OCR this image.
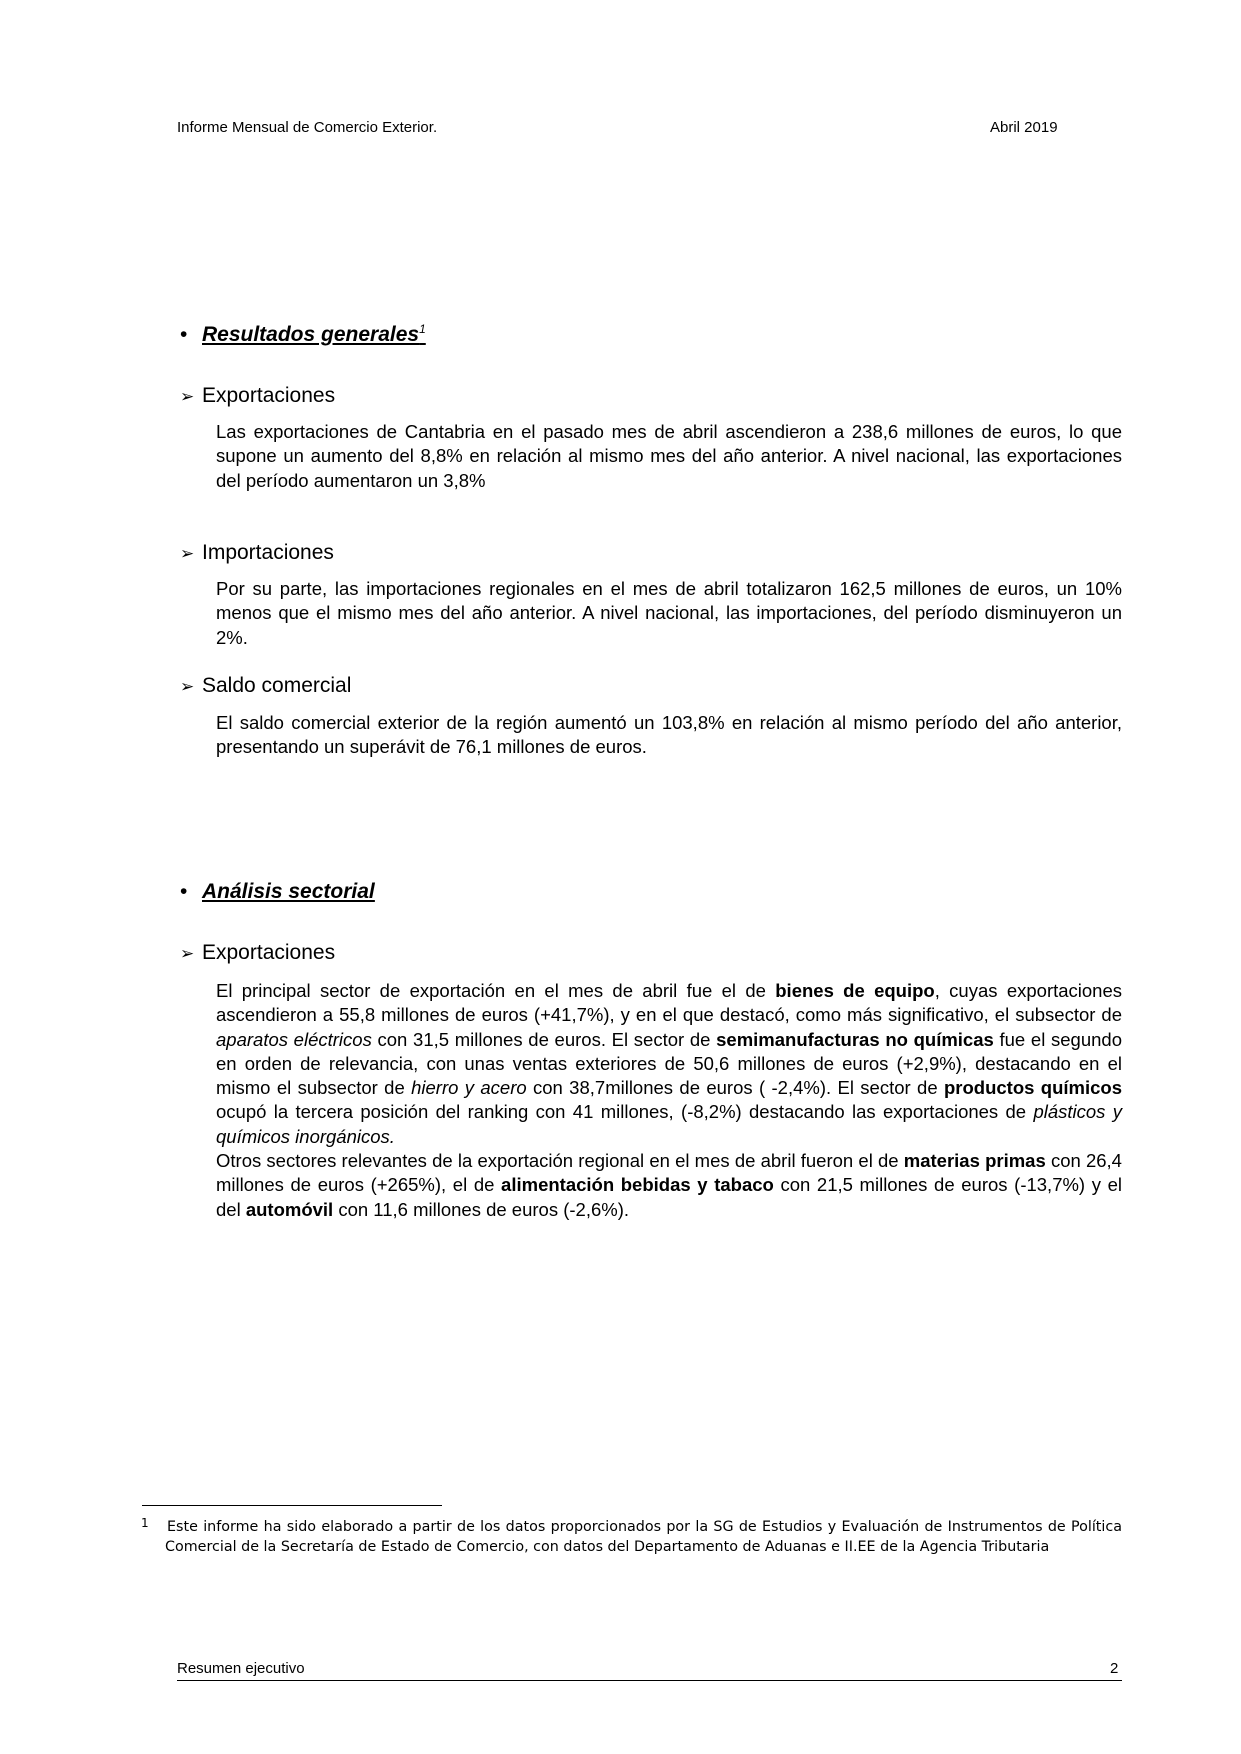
Informe Mensual de Comercio Exterior.	Abril 2019
• Resultados generales$^1$
➢ Exportaciones
Las exportaciones de Cantabria en el pasado mes de abril ascendieron a 238,6 millones de euros, lo que supone un aumento del 8,8% en relación al mismo mes del año anterior. A nivel nacional, las exportaciones del período aumentaron un 3,8%
➢ Importaciones
Por su parte, las importaciones regionales en el mes de abril totalizaron 162,5 millones de euros, un 10% menos que el mismo mes del año anterior. A nivel nacional, las importaciones, del período disminuyeron un 2%.
➢ Saldo comercial
El saldo comercial exterior de la región aumentó un 103,8% en relación al mismo período del año anterior, presentando un superávit de 76,1 millones de euros.
• Análisis sectorial
➢ Exportaciones
El principal sector de exportación en el mes de abril fue el de bienes de equipo, cuyas exportaciones ascendieron a 55,8 millones de euros (+41,7%), y en el que destacó, como más significativo, el subsector de aparatos eléctricos con 31,5 millones de euros. El sector de semimanufacturas no químicas fue el segundo en orden de relevancia, con unas ventas exteriores de 50,6 millones de euros (+2,9%), destacando en el mismo el subsector de hierro y acero con 38,7millones de euros ( -2,4%). El sector de productos químicos ocupó la tercera posición del ranking con 41 millones, (-8,2%) destacando las exportaciones de plásticos y químicos inorgánicos.
Otros sectores relevantes de la exportación regional en el mes de abril fueron el de materias primas con 26,4 millones de euros (+265%), el de alimentación bebidas y tabaco con 21,5 millones de euros (-13,7%) y el del automóvil con 11,6 millones de euros (-2,6%).
1 Este informe ha sido elaborado a partir de los datos proporcionados por la SG de Estudios y Evaluación de Instrumentos de Política Comercial de la Secretaría de Estado de Comercio, con datos del Departamento de Aduanas e II.EE de la Agencia Tributaria
Resumen ejecutivo	2
